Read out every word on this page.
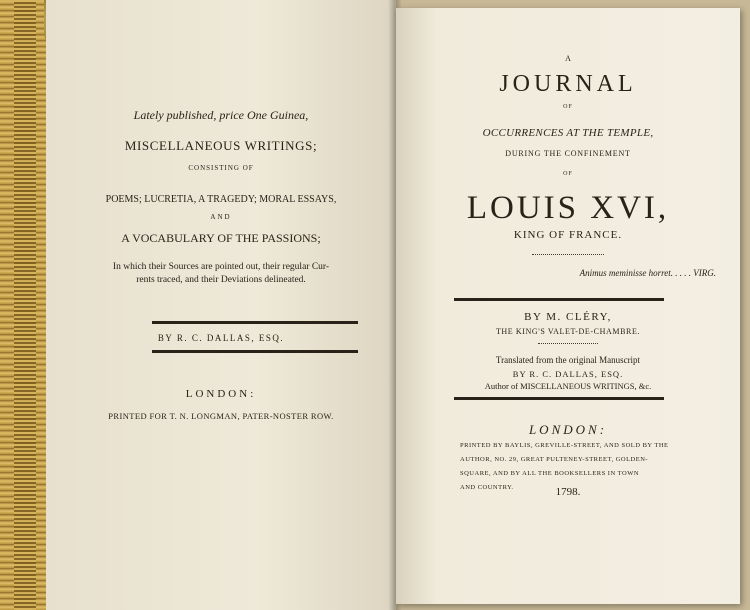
Lately published, price One Guinea,
MISCELLANEOUS WRITINGS;
CONSISTING OF
POEMS; LUCRETIA, A TRAGEDY; MORAL ESSAYS,
AND
A VOCABULARY OF THE PASSIONS;
In which their Sources are pointed out, their regular Cur-
rents traced, and their Deviations delineated.
BY R. C. DALLAS, ESQ.
LONDON:
PRINTED FOR T. N. LONGMAN, PATER-NOSTER ROW.
A
JOURNAL
OF
OCCURRENCES AT THE TEMPLE,
DURING THE CONFINEMENT
OF
LOUIS XVI,
KING OF FRANCE.
Animus meminisse horret. . . . . VIRG.
BY M. CLÉRY,
THE KING'S VALET-DE-CHAMBRE.
Translated from the original Manuscript
BY R. C. DALLAS, ESQ.
Author of MISCELLANEOUS WRITINGS, &c.
LONDON:
PRINTED BY BAYLIS, GREVILLE-STREET, AND SOLD BY THE
AUTHOR, NO. 29, GREAT PULTENEY-STREET, GOLDEN-
SQUARE, AND BY ALL THE BOOKSELLERS IN TOWN
AND COUNTRY.	1798.
